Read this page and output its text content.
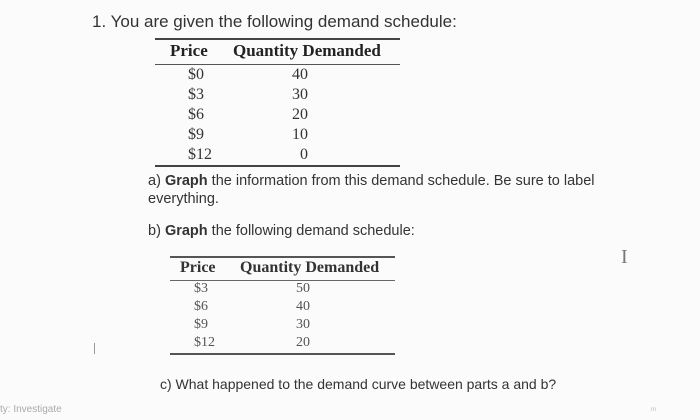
1. You are given the following demand schedule:
Price Quantity Demanded
$0	40
$3	30
$6	20
$9	10
$12	0
a) Graph the information from this demand schedule. Be sure to label everything.
b) Graph the following demand schedule:
Price Quantity Demanded
$3	50
$6	40
$9	30
$12	20
c) What happened to the demand curve between parts a and b?
I
ty: Investigate	ᵐ
